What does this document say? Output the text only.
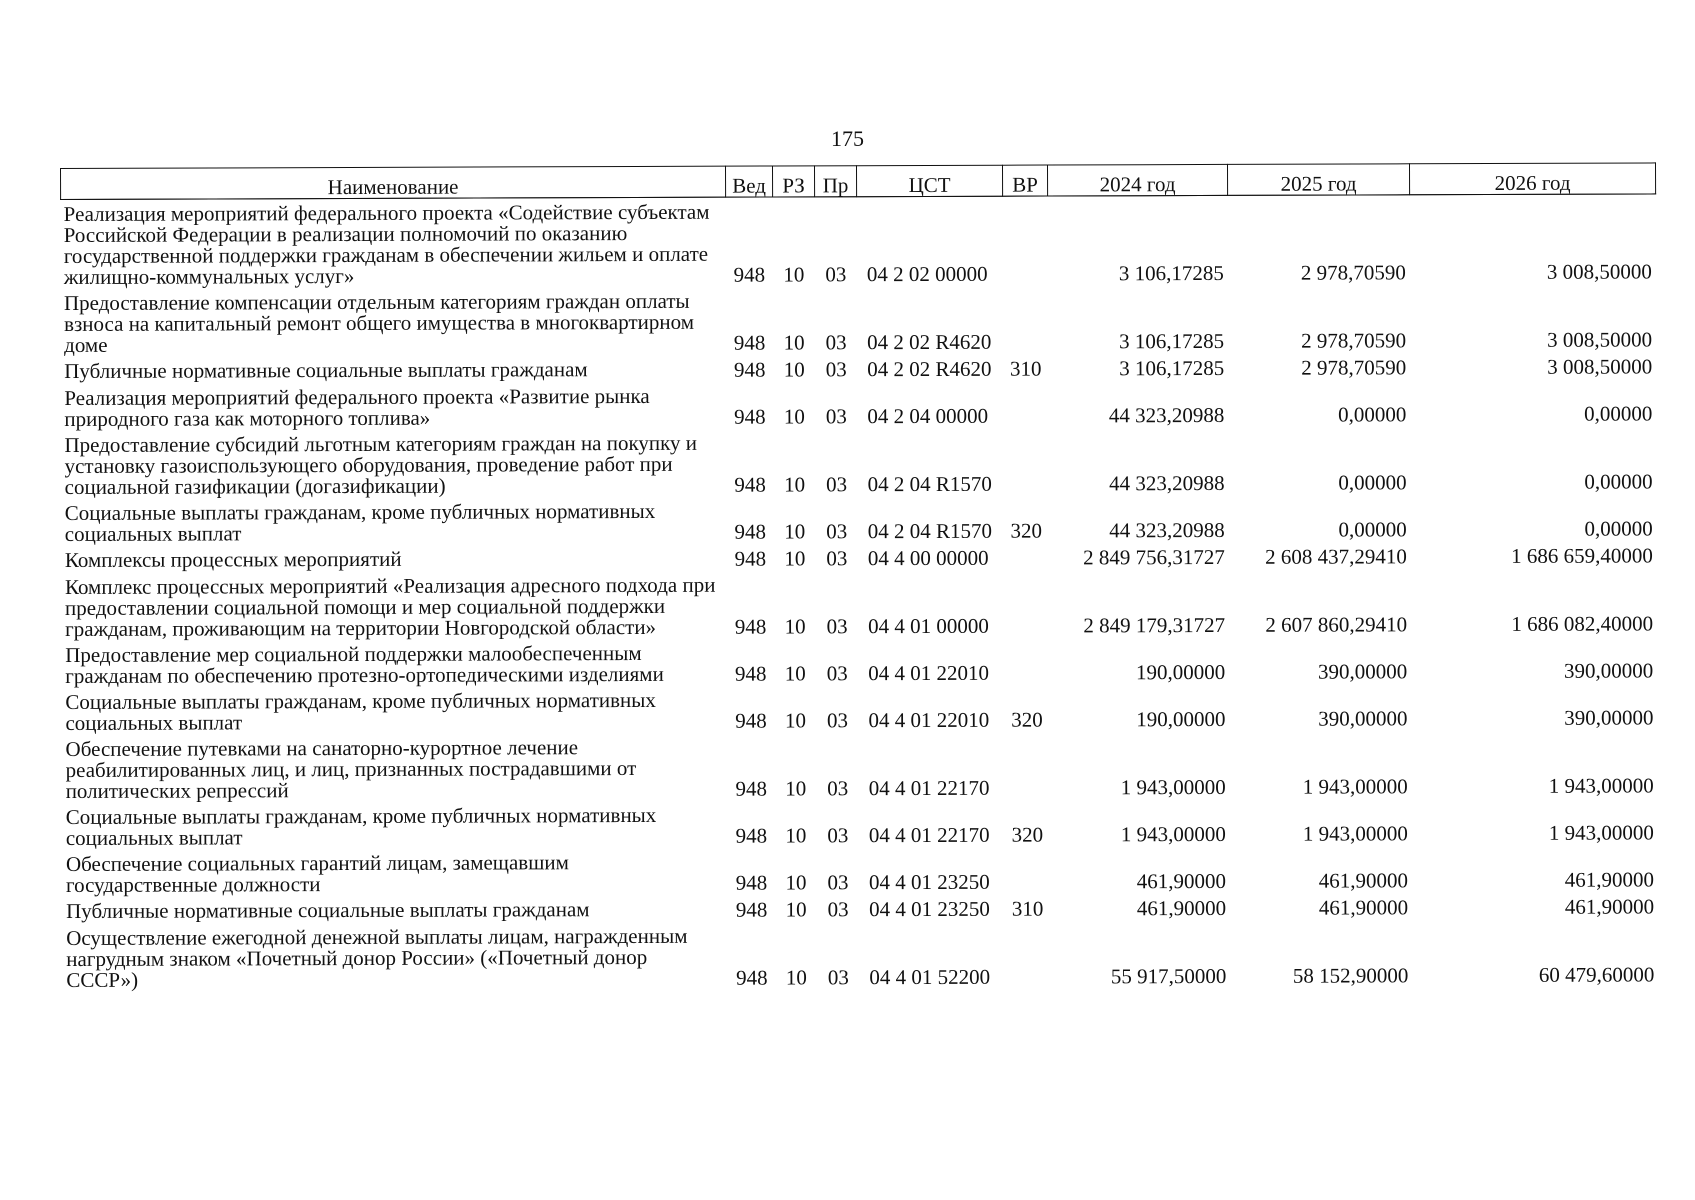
175
Наименование	Вед	РЗ	Пр	ЦСТ	ВР	2024 год	2025 год	2026 год
Реализация мероприятий федерального проекта «Содействие субъектам Российской Федерации в реализации полномочий по оказанию государственной поддержки гражданам в обеспечении жильем и оплате жилищно-коммунальных услуг»	948	10	03	04 2 02 00000		3 106,17285	2 978,70590	3 008,50000
Предоставление компенсации отдельным категориям граждан оплаты взноса на капитальный ремонт общего имущества в многоквартирном доме	948	10	03	04 2 02 R4620		3 106,17285	2 978,70590	3 008,50000
Публичные нормативные социальные выплаты гражданам	948	10	03	04 2 02 R4620	310	3 106,17285	2 978,70590	3 008,50000
Реализация мероприятий федерального проекта «Развитие рынка природного газа как моторного топлива»	948	10	03	04 2 04 00000		44 323,20988	0,00000	0,00000
Предоставление субсидий льготным категориям граждан на покупку и установку газоиспользующего оборудования, проведение работ при социальной газификации (догазификации)	948	10	03	04 2 04 R1570		44 323,20988	0,00000	0,00000
Социальные выплаты гражданам, кроме публичных нормативных социальных выплат	948	10	03	04 2 04 R1570	320	44 323,20988	0,00000	0,00000
Комплексы процессных мероприятий	948	10	03	04 4 00 00000		2 849 756,31727	2 608 437,29410	1 686 659,40000
Комплекс процессных мероприятий «Реализация адресного подхода при предоставлении социальной помощи и мер социальной поддержки гражданам, проживающим на территории Новгородской области»	948	10	03	04 4 01 00000		2 849 179,31727	2 607 860,29410	1 686 082,40000
Предоставление мер социальной поддержки малообеспеченным гражданам по обеспечению протезно-ортопедическими изделиями	948	10	03	04 4 01 22010		190,00000	390,00000	390,00000
Социальные выплаты гражданам, кроме публичных нормативных социальных выплат	948	10	03	04 4 01 22010	320	190,00000	390,00000	390,00000
Обеспечение путевками на санаторно-курортное лечение реабилитированных лиц, и лиц, признанных пострадавшими от политических репрессий	948	10	03	04 4 01 22170		1 943,00000	1 943,00000	1 943,00000
Социальные выплаты гражданам, кроме публичных нормативных социальных выплат	948	10	03	04 4 01 22170	320	1 943,00000	1 943,00000	1 943,00000
Обеспечение социальных гарантий лицам, замещавшим государственные должности	948	10	03	04 4 01 23250		461,90000	461,90000	461,90000
Публичные нормативные социальные выплаты гражданам	948	10	03	04 4 01 23250	310	461,90000	461,90000	461,90000
Осуществление ежегодной денежной выплаты лицам, награжденным нагрудным знаком «Почетный донор России» («Почетный донор СССР»)	948	10	03	04 4 01 52200		55 917,50000	58 152,90000	60 479,60000
